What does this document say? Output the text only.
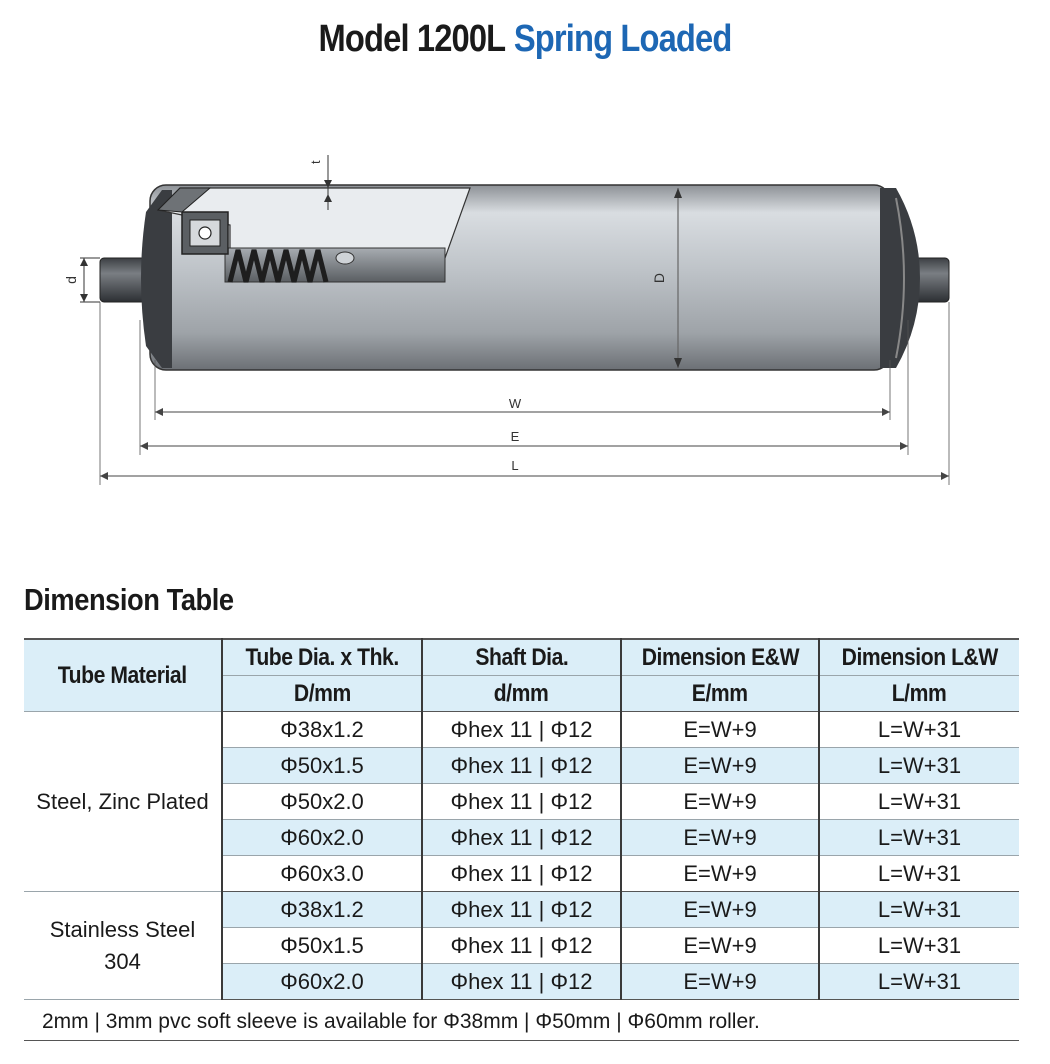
Model 1200L Spring Loaded
t
d	D
W
E
L
Dimension Table
Tube Material	Tube Dia. x Thk.	Shaft Dia.	Dimension E&W	Dimension L&W
	D/mm	d/mm	E/mm	L/mm
Steel, Zinc Plated	Φ38x1.2	Φhex 11 | Φ12	E=W+9	L=W+31
	Φ50x1.5	Φhex 11 | Φ12	E=W+9	L=W+31
	Φ50x2.0	Φhex 11 | Φ12	E=W+9	L=W+31
	Φ60x2.0	Φhex 11 | Φ12	E=W+9	L=W+31
	Φ60x3.0	Φhex 11 | Φ12	E=W+9	L=W+31
Stainless Steel
304	Φ38x1.2	Φhex 11 | Φ12	E=W+9	L=W+31
	Φ50x1.5	Φhex 11 | Φ12	E=W+9	L=W+31
	Φ60x2.0	Φhex 11 | Φ12	E=W+9	L=W+31
2mm | 3mm pvc soft sleeve is available for Φ38mm | Φ50mm | Φ60mm roller.
